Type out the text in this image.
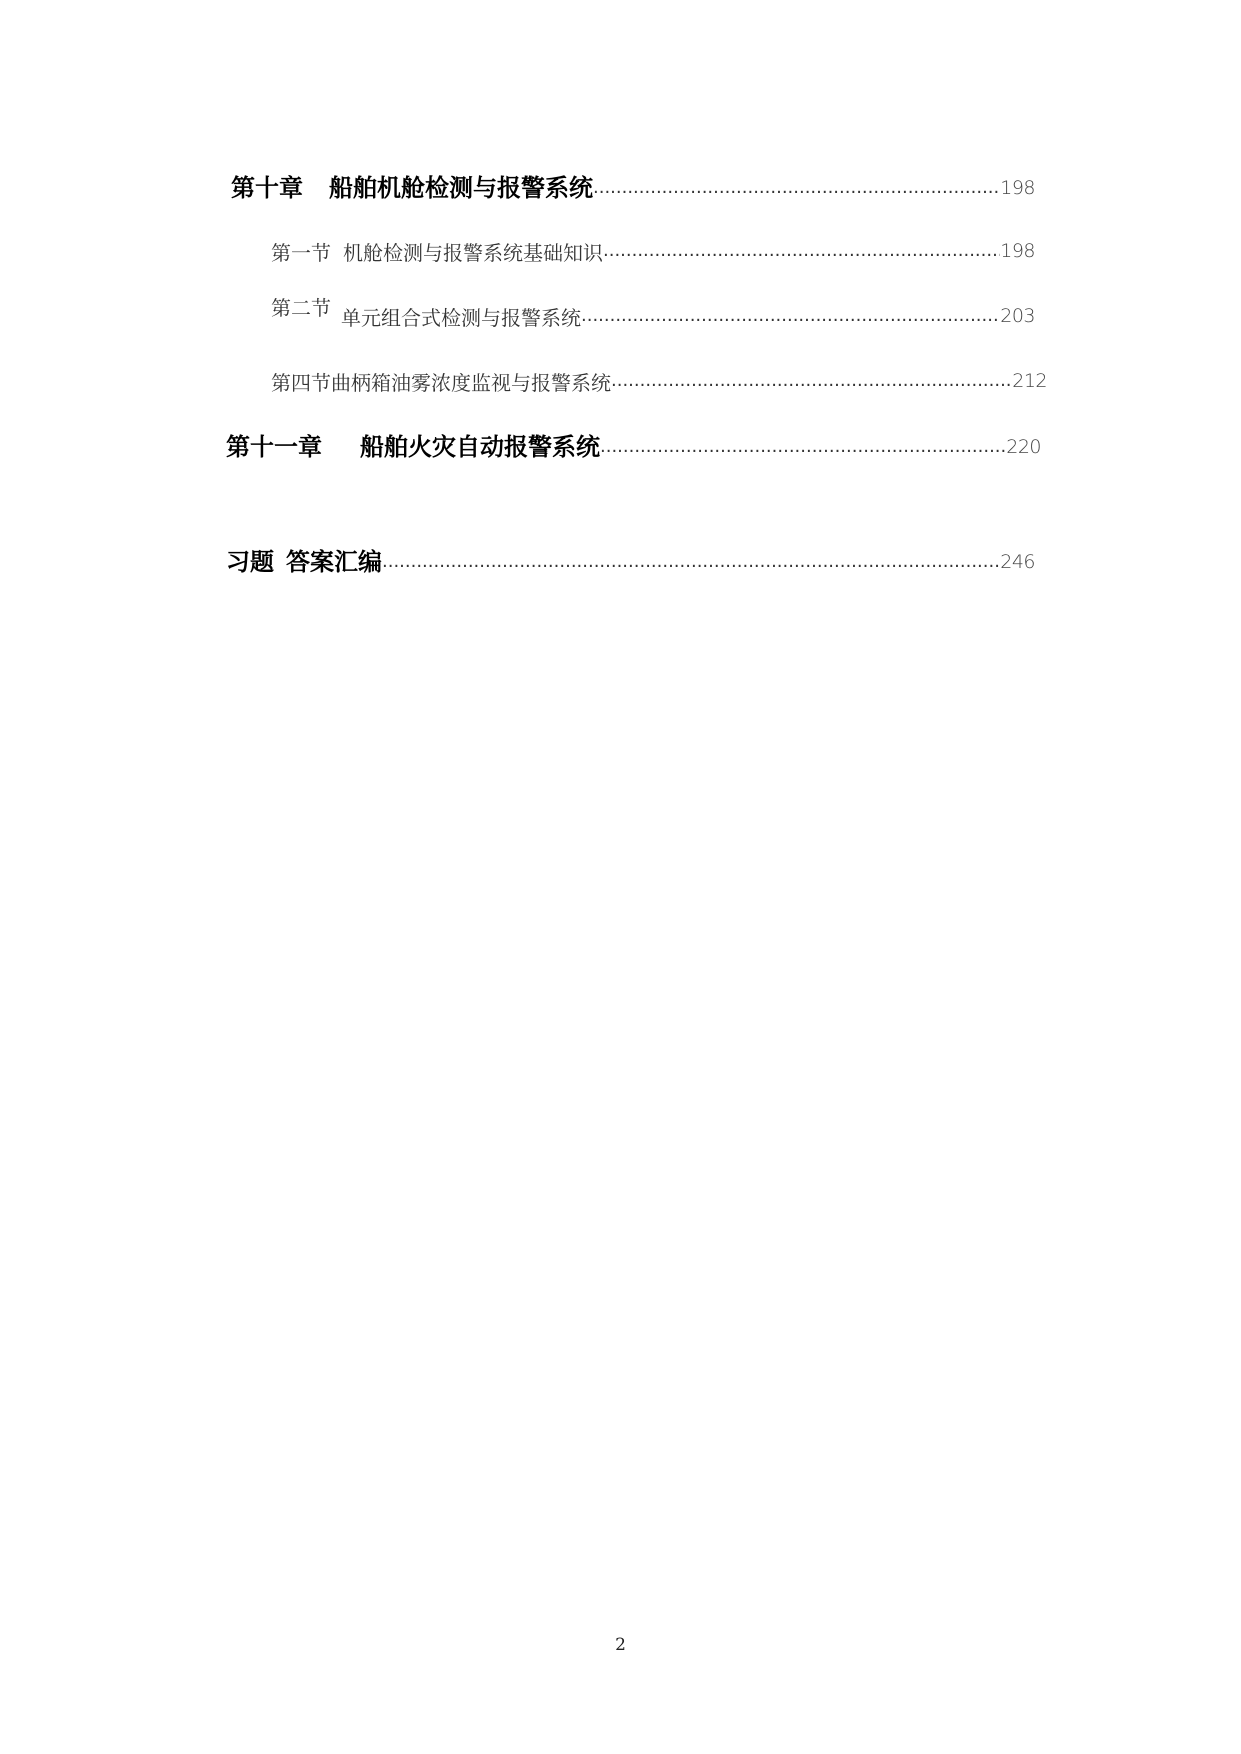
第十章 船舶机舱检测与报警系统 ·····	198
第一节 机舱检测与报警系统基础知识 ·····	198
第二节 单元组合式检测与报警系统 ·····	203
第四节曲柄箱油雾浓度监视与报警系统 ·····	212
第十一章 船舶火灾自动报警系统 ·····	220
习题 答案汇编 ·····	246
2
